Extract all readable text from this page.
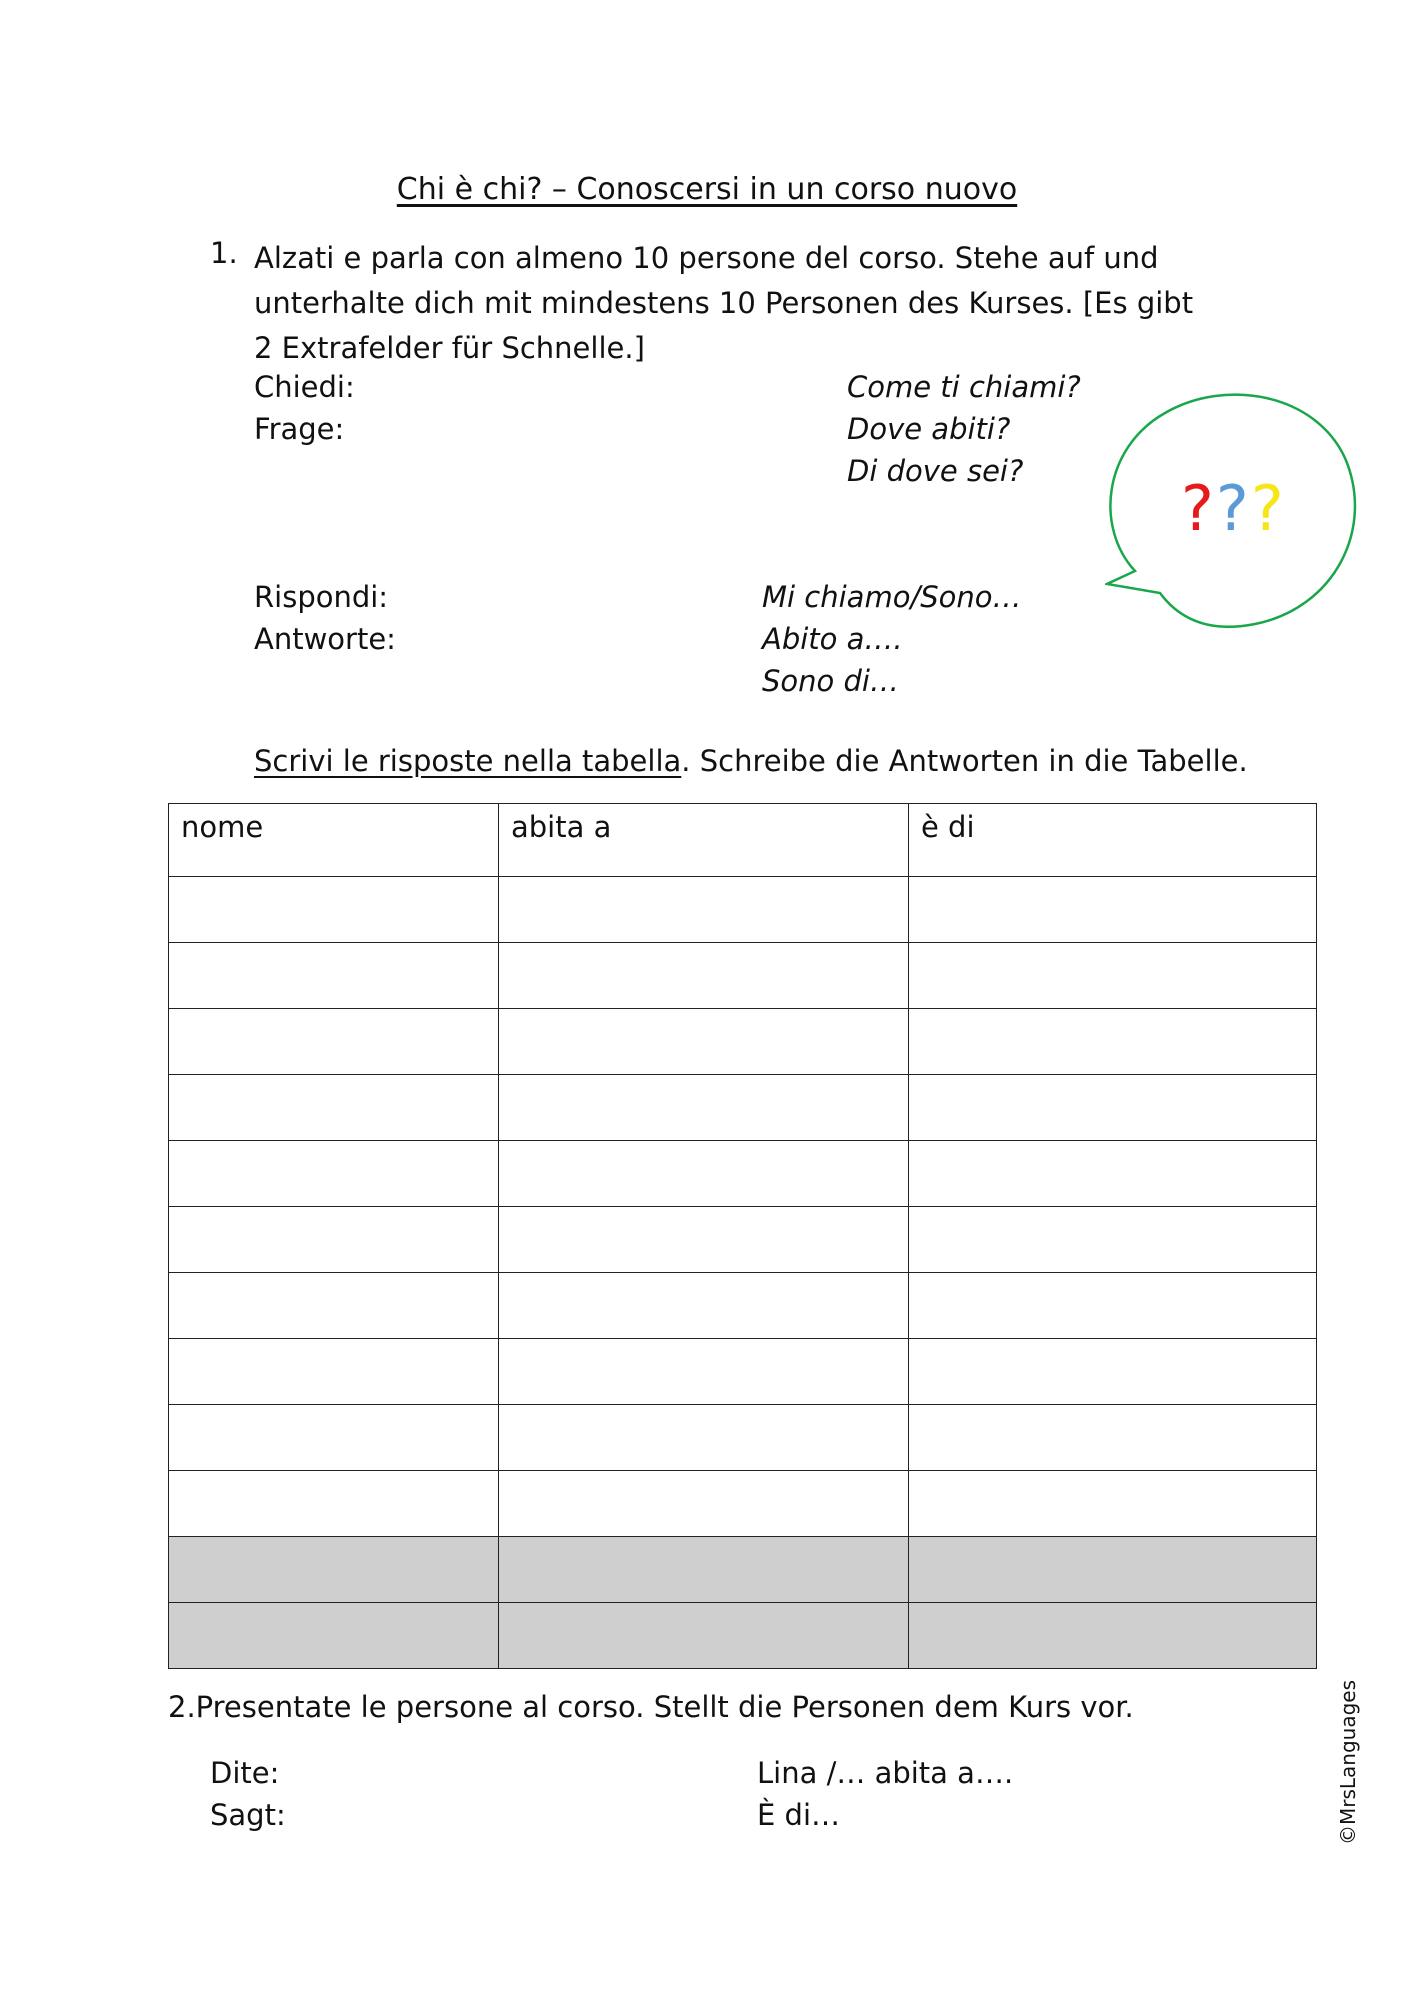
Chi è chi? – Conoscersi in un corso nuovo
1. Alzati e parla con almeno 10 persone del corso. Stehe auf und unterhalte dich mit mindestens 10 Personen des Kurses. [Es gibt 2 Extrafelder für Schnelle.]
Chiedi:
Frage:
Come ti chiami?
Dove abiti?
Di dove sei?
???
Rispondi:
Antworte:
Mi chiamo/Sono…
Abito a….
Sono di…
Scrivi le risposte nella tabella. Schreibe die Antworten in die Tabelle.
nome	abita a	è di

2.Presentate le persone al corso. Stellt die Personen dem Kurs vor.
Dite:
Sagt:
Lina /… abita a….
È di…	©MrsLanguages
